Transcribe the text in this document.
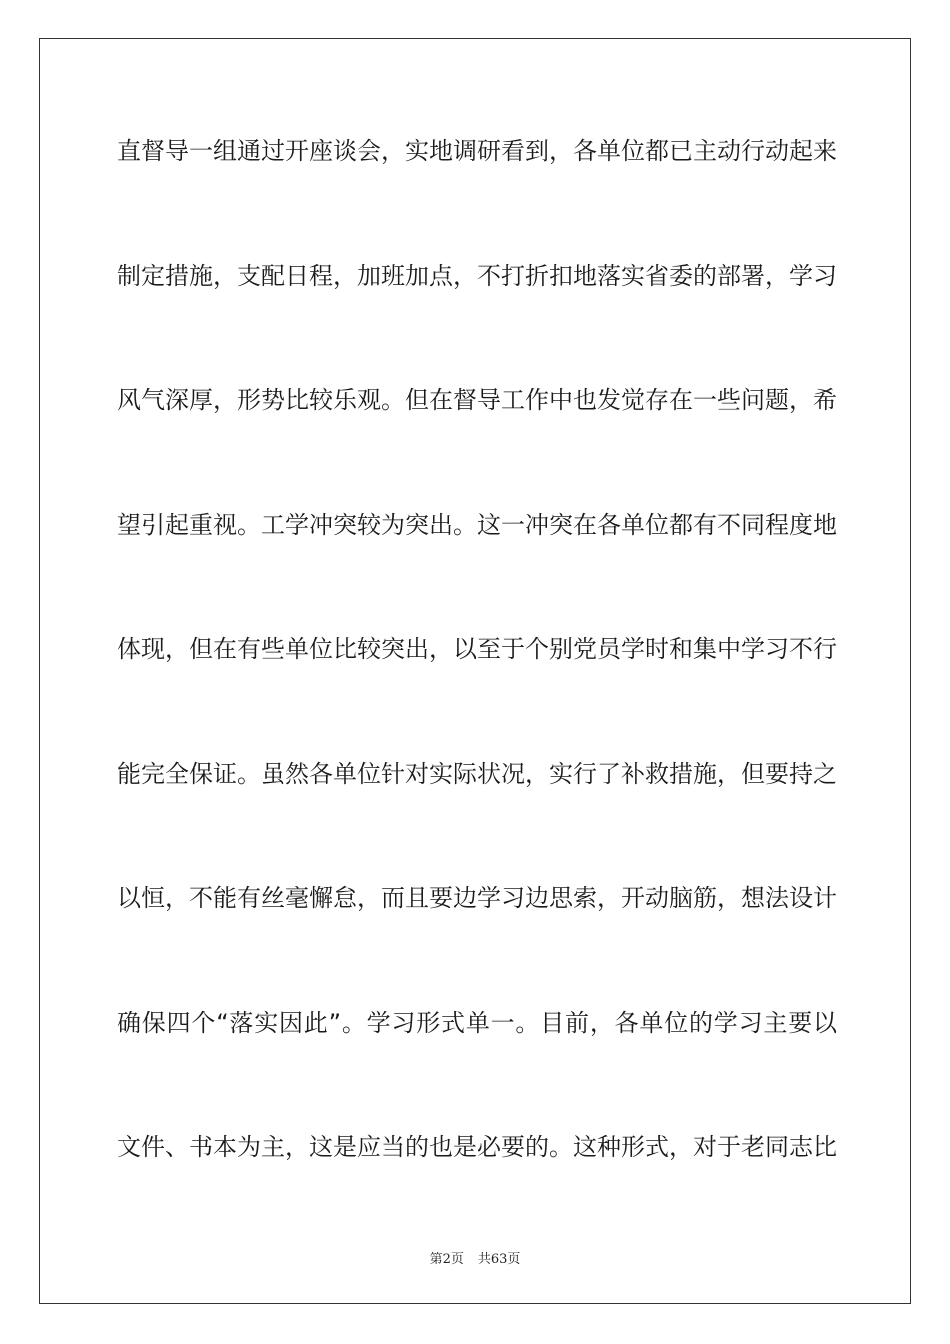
直督导一组通过开座谈会，实地调研看到，各单位都已主动行动起来
制定措施，支配日程，加班加点，不打折扣地落实省委的部署，学习
风气深厚，形势比较乐观。但在督导工作中也发觉存在一些问题，希
望引起重视。工学冲突较为突出。这一冲突在各单位都有不同程度地
体现，但在有些单位比较突出，以至于个别党员学时和集中学习不行
能完全保证。虽然各单位针对实际状况，实行了补救措施，但要持之
以恒，不能有丝毫懈怠，而且要边学习边思索，开动脑筋，想法设计
确保四个“落实因此”。学习形式单一。目前，各单位的学习主要以
文件、书本为主，这是应当的也是必要的。这种形式，对于老同志比
第2页 共63页
